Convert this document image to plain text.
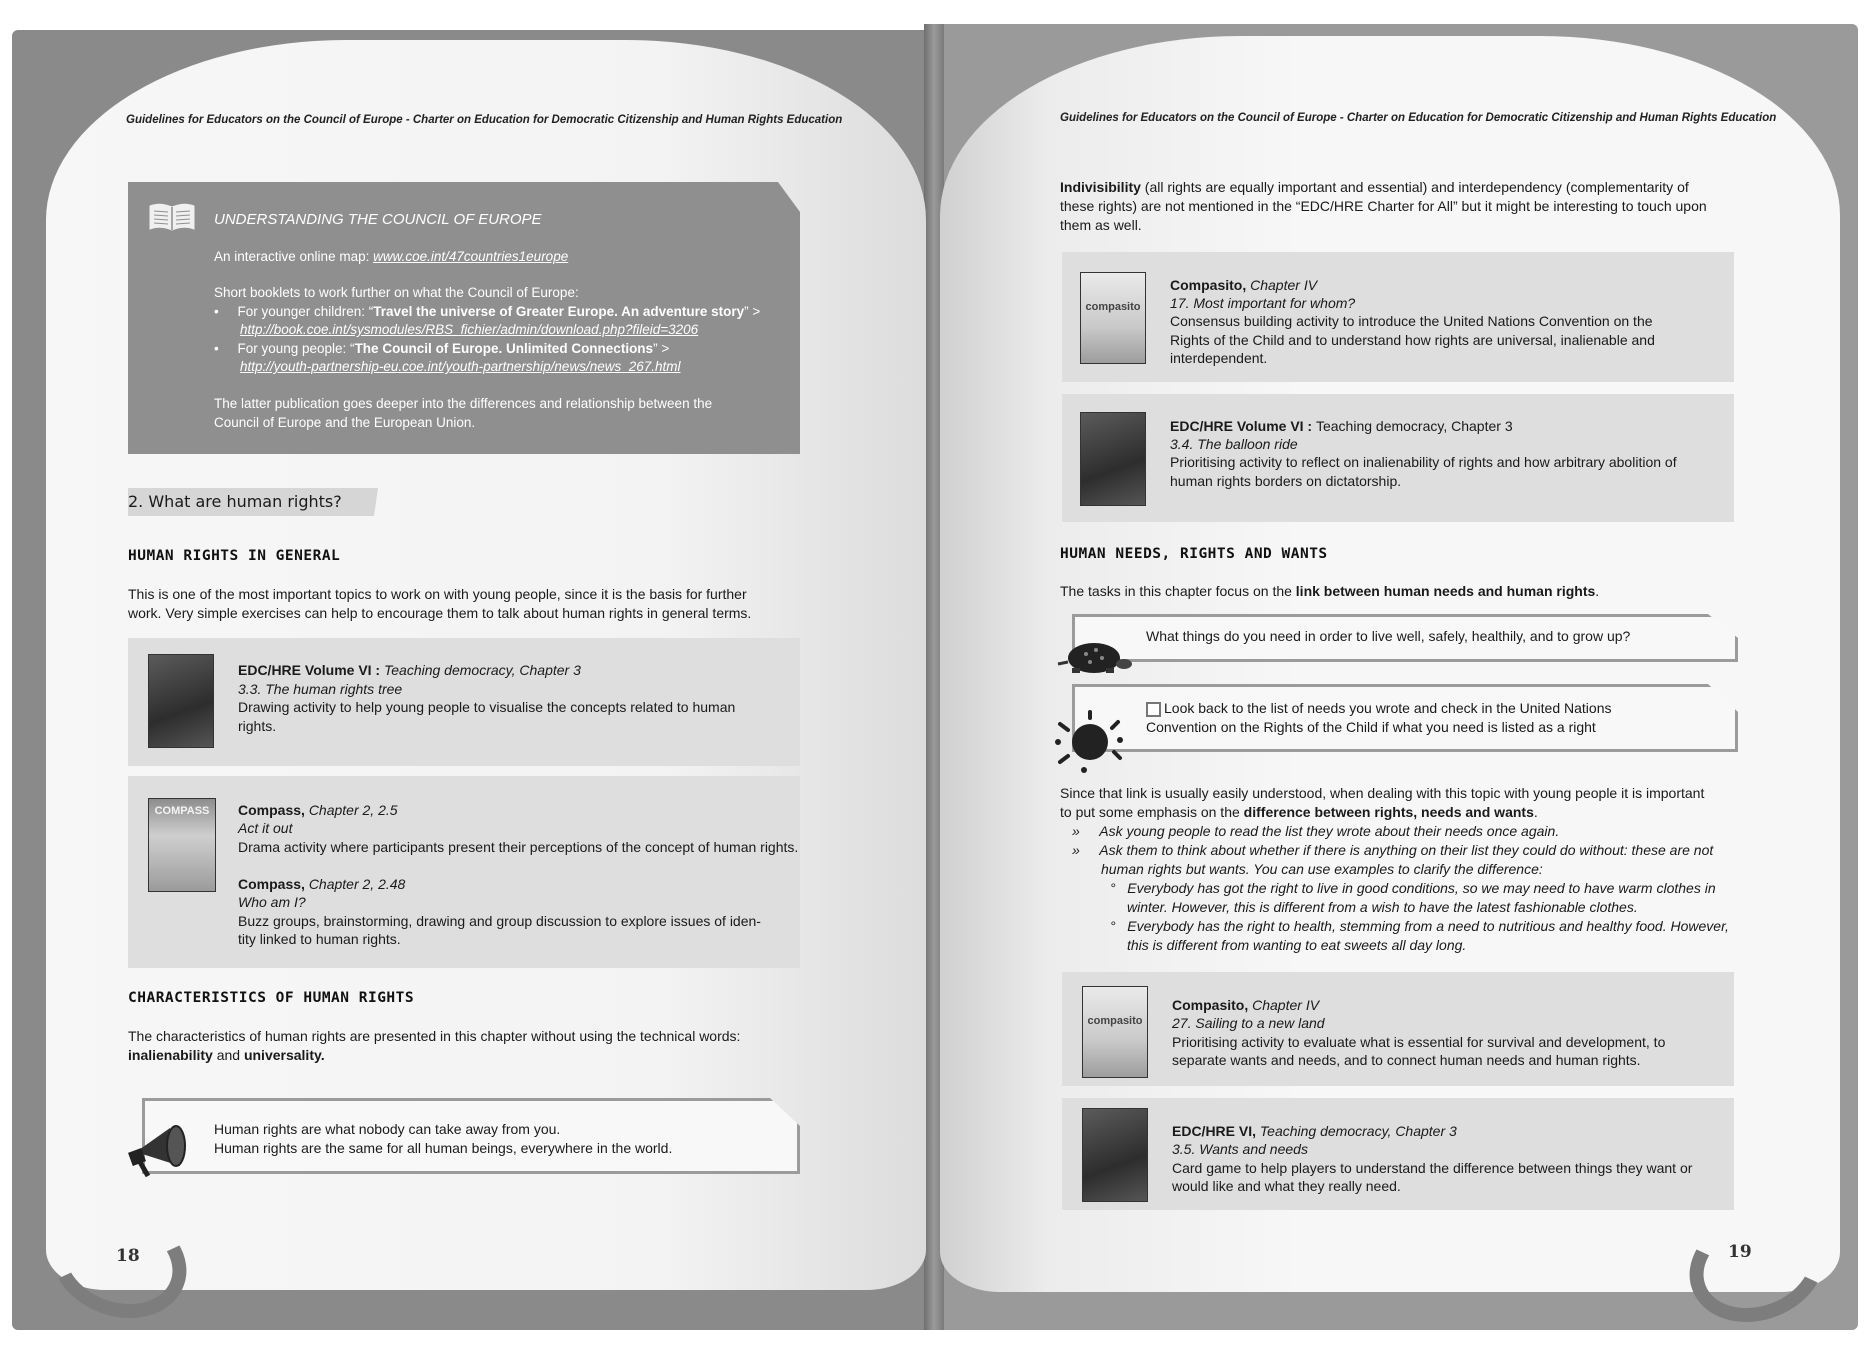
Guidelines for Educators on the Council of Europe - Charter on Education for Democratic Citizenship and Human Rights Education
UNDERSTANDING THE COUNCIL OF EUROPE
An interactive online map: www.coe.int/47countries1europe
Short booklets to work further on what the Council of Europe:
•     For younger children: “Travel the universe of Greater Europe. An adventure story” >
http://book.coe.int/sysmodules/RBS_fichier/admin/download.php?fileid=3206
•     For young people: “The Council of Europe. Unlimited Connections” >
http://youth-partnership-eu.coe.int/youth-partnership/news/news_267.html
The latter publication goes deeper into the differences and relationship between the
Council of Europe and the European Union.
2. What are human rights?
HUMAN RIGHTS IN GENERAL
This is one of the most important topics to work on with young people, since it is the basis for further
work. Very simple exercises can help to encourage them to talk about human rights in general terms.
EDC/HRE Volume VI : Teaching democracy, Chapter 3
3.3. The human rights tree
Drawing activity to help young people to visualise the concepts related to human
rights.
COMPASS Compass, Chapter 2, 2.5
Act it out
Drama activity where participants present their perceptions of the concept of human rights.
Compass, Chapter 2, 2.48
Who am I?
Buzz groups, brainstorming, drawing and group discussion to explore issues of iden-
tity linked to human rights.
CHARACTERISTICS OF HUMAN RIGHTS
The characteristics of human rights are presented in this chapter without using the technical words:
inalienability and universality.
Human rights are what nobody can take away from you.
Human rights are the same for all human beings, everywhere in the world.
18
Guidelines for Educators on the Council of Europe - Charter on Education for Democratic Citizenship and Human Rights Education
Indivisibility (all rights are equally important and essential) and interdependency (complementarity of
these rights) are not mentioned in the “EDC/HRE Charter for All” but it might be interesting to touch upon
them as well.
compasito
Compasito, Chapter IV
17. Most important for whom?
Consensus building activity to introduce the United Nations Convention on the
Rights of the Child and to understand how rights are universal, inalienable and
interdependent.
EDC/HRE Volume VI : Teaching democracy, Chapter 3
3.4. The balloon ride
Prioritising activity to reflect on inalienability of rights and how arbitrary abolition of
human rights borders on dictatorship.
HUMAN NEEDS, RIGHTS AND WANTS
The tasks in this chapter focus on the link between human needs and human rights.
What things do you need in order to live well, safely, healthily, and to grow up?
Look back to the list of needs you wrote and check in the United Nations
Convention on the Rights of the Child if what you need is listed as a right
Since that link is usually easily understood, when dealing with this topic with young people it is important
to put some emphasis on the difference between rights, needs and wants.
»     Ask young people to read the list they wrote about their needs once again.
»     Ask them to think about whether if there is anything on their list they could do without: these are not
human rights but wants. You can use examples to clarify the difference:
°   Everybody has got the right to live in good conditions, so we may need to have warm clothes in
winter. However, this is different from a wish to have the latest fashionable clothes.
°   Everybody has the right to health, stemming from a need to nutritious and healthy food. However,
this is different from wanting to eat sweets all day long.
compasito
Compasito, Chapter IV
27. Sailing to a new land
Prioritising activity to evaluate what is essential for survival and development, to
separate wants and needs, and to connect human needs and human rights.
EDC/HRE VI, Teaching democracy, Chapter 3
3.5. Wants and needs
Card game to help players to understand the difference between things they want or
would like and what they really need.
19
